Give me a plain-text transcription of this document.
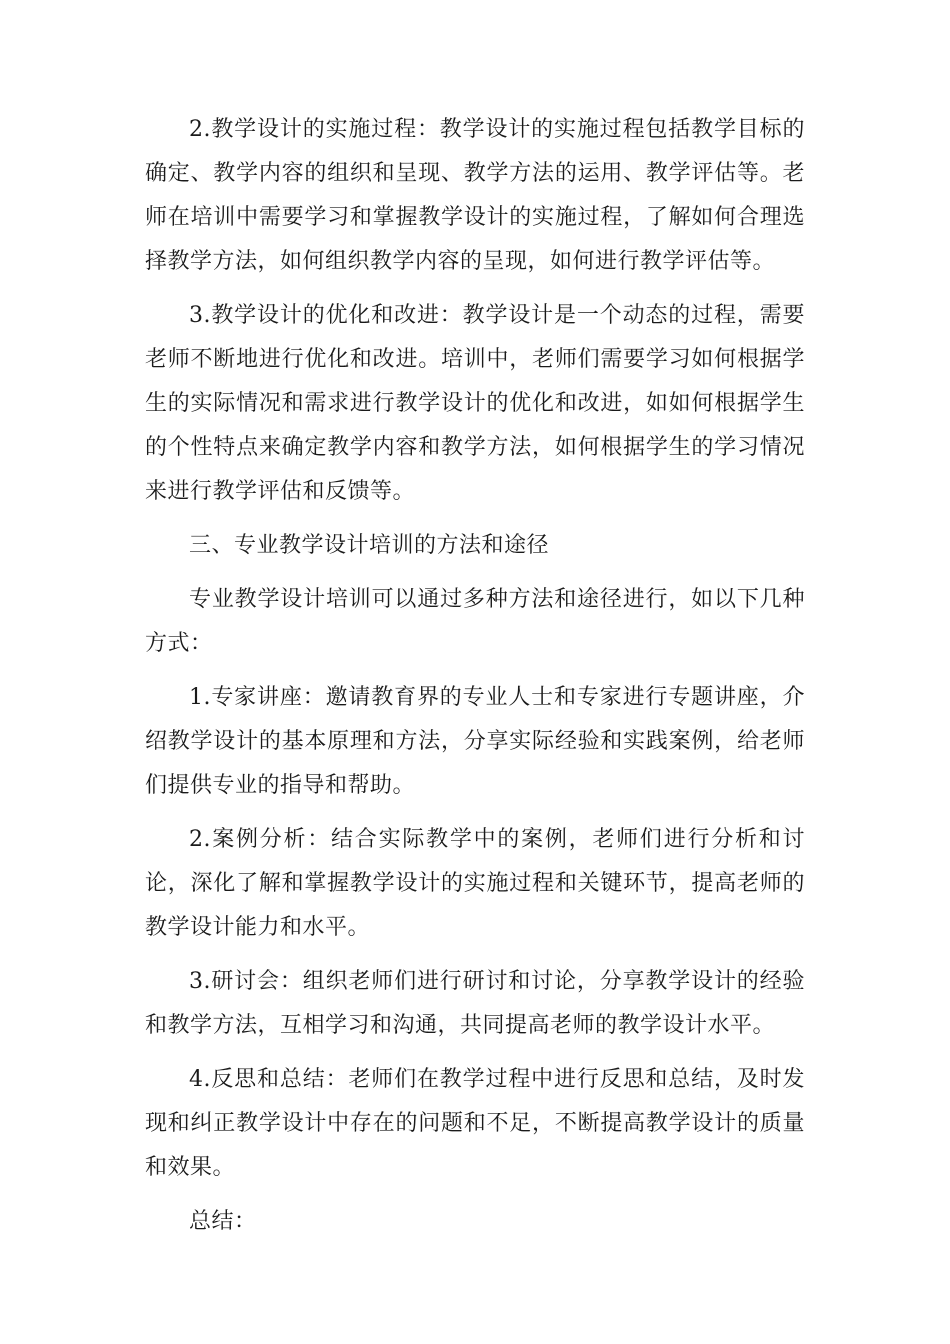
2.教学设计的实施过程：教学设计的实施过程包括教学目标的确定、教学内容的组织和呈现、教学方法的运用、教学评估等。老师在培训中需要学习和掌握教学设计的实施过程，了解如何合理选择教学方法，如何组织教学内容的呈现，如何进行教学评估等。

3.教学设计的优化和改进：教学设计是一个动态的过程，需要老师不断地进行优化和改进。培训中，老师们需要学习如何根据学生的实际情况和需求进行教学设计的优化和改进，如如何根据学生的个性特点来确定教学内容和教学方法，如何根据学生的学习情况来进行教学评估和反馈等。

三、专业教学设计培训的方法和途径

专业教学设计培训可以通过多种方法和途径进行，如以下几种方式：

1.专家讲座：邀请教育界的专业人士和专家进行专题讲座，介绍教学设计的基本原理和方法，分享实际经验和实践案例，给老师们提供专业的指导和帮助。

2.案例分析：结合实际教学中的案例，老师们进行分析和讨论，深化了解和掌握教学设计的实施过程和关键环节，提高老师的教学设计能力和水平。

3.研讨会：组织老师们进行研讨和讨论，分享教学设计的经验和教学方法，互相学习和沟通，共同提高老师的教学设计水平。

4.反思和总结：老师们在教学过程中进行反思和总结，及时发现和纠正教学设计中存在的问题和不足，不断提高教学设计的质量和效果。

总结：
